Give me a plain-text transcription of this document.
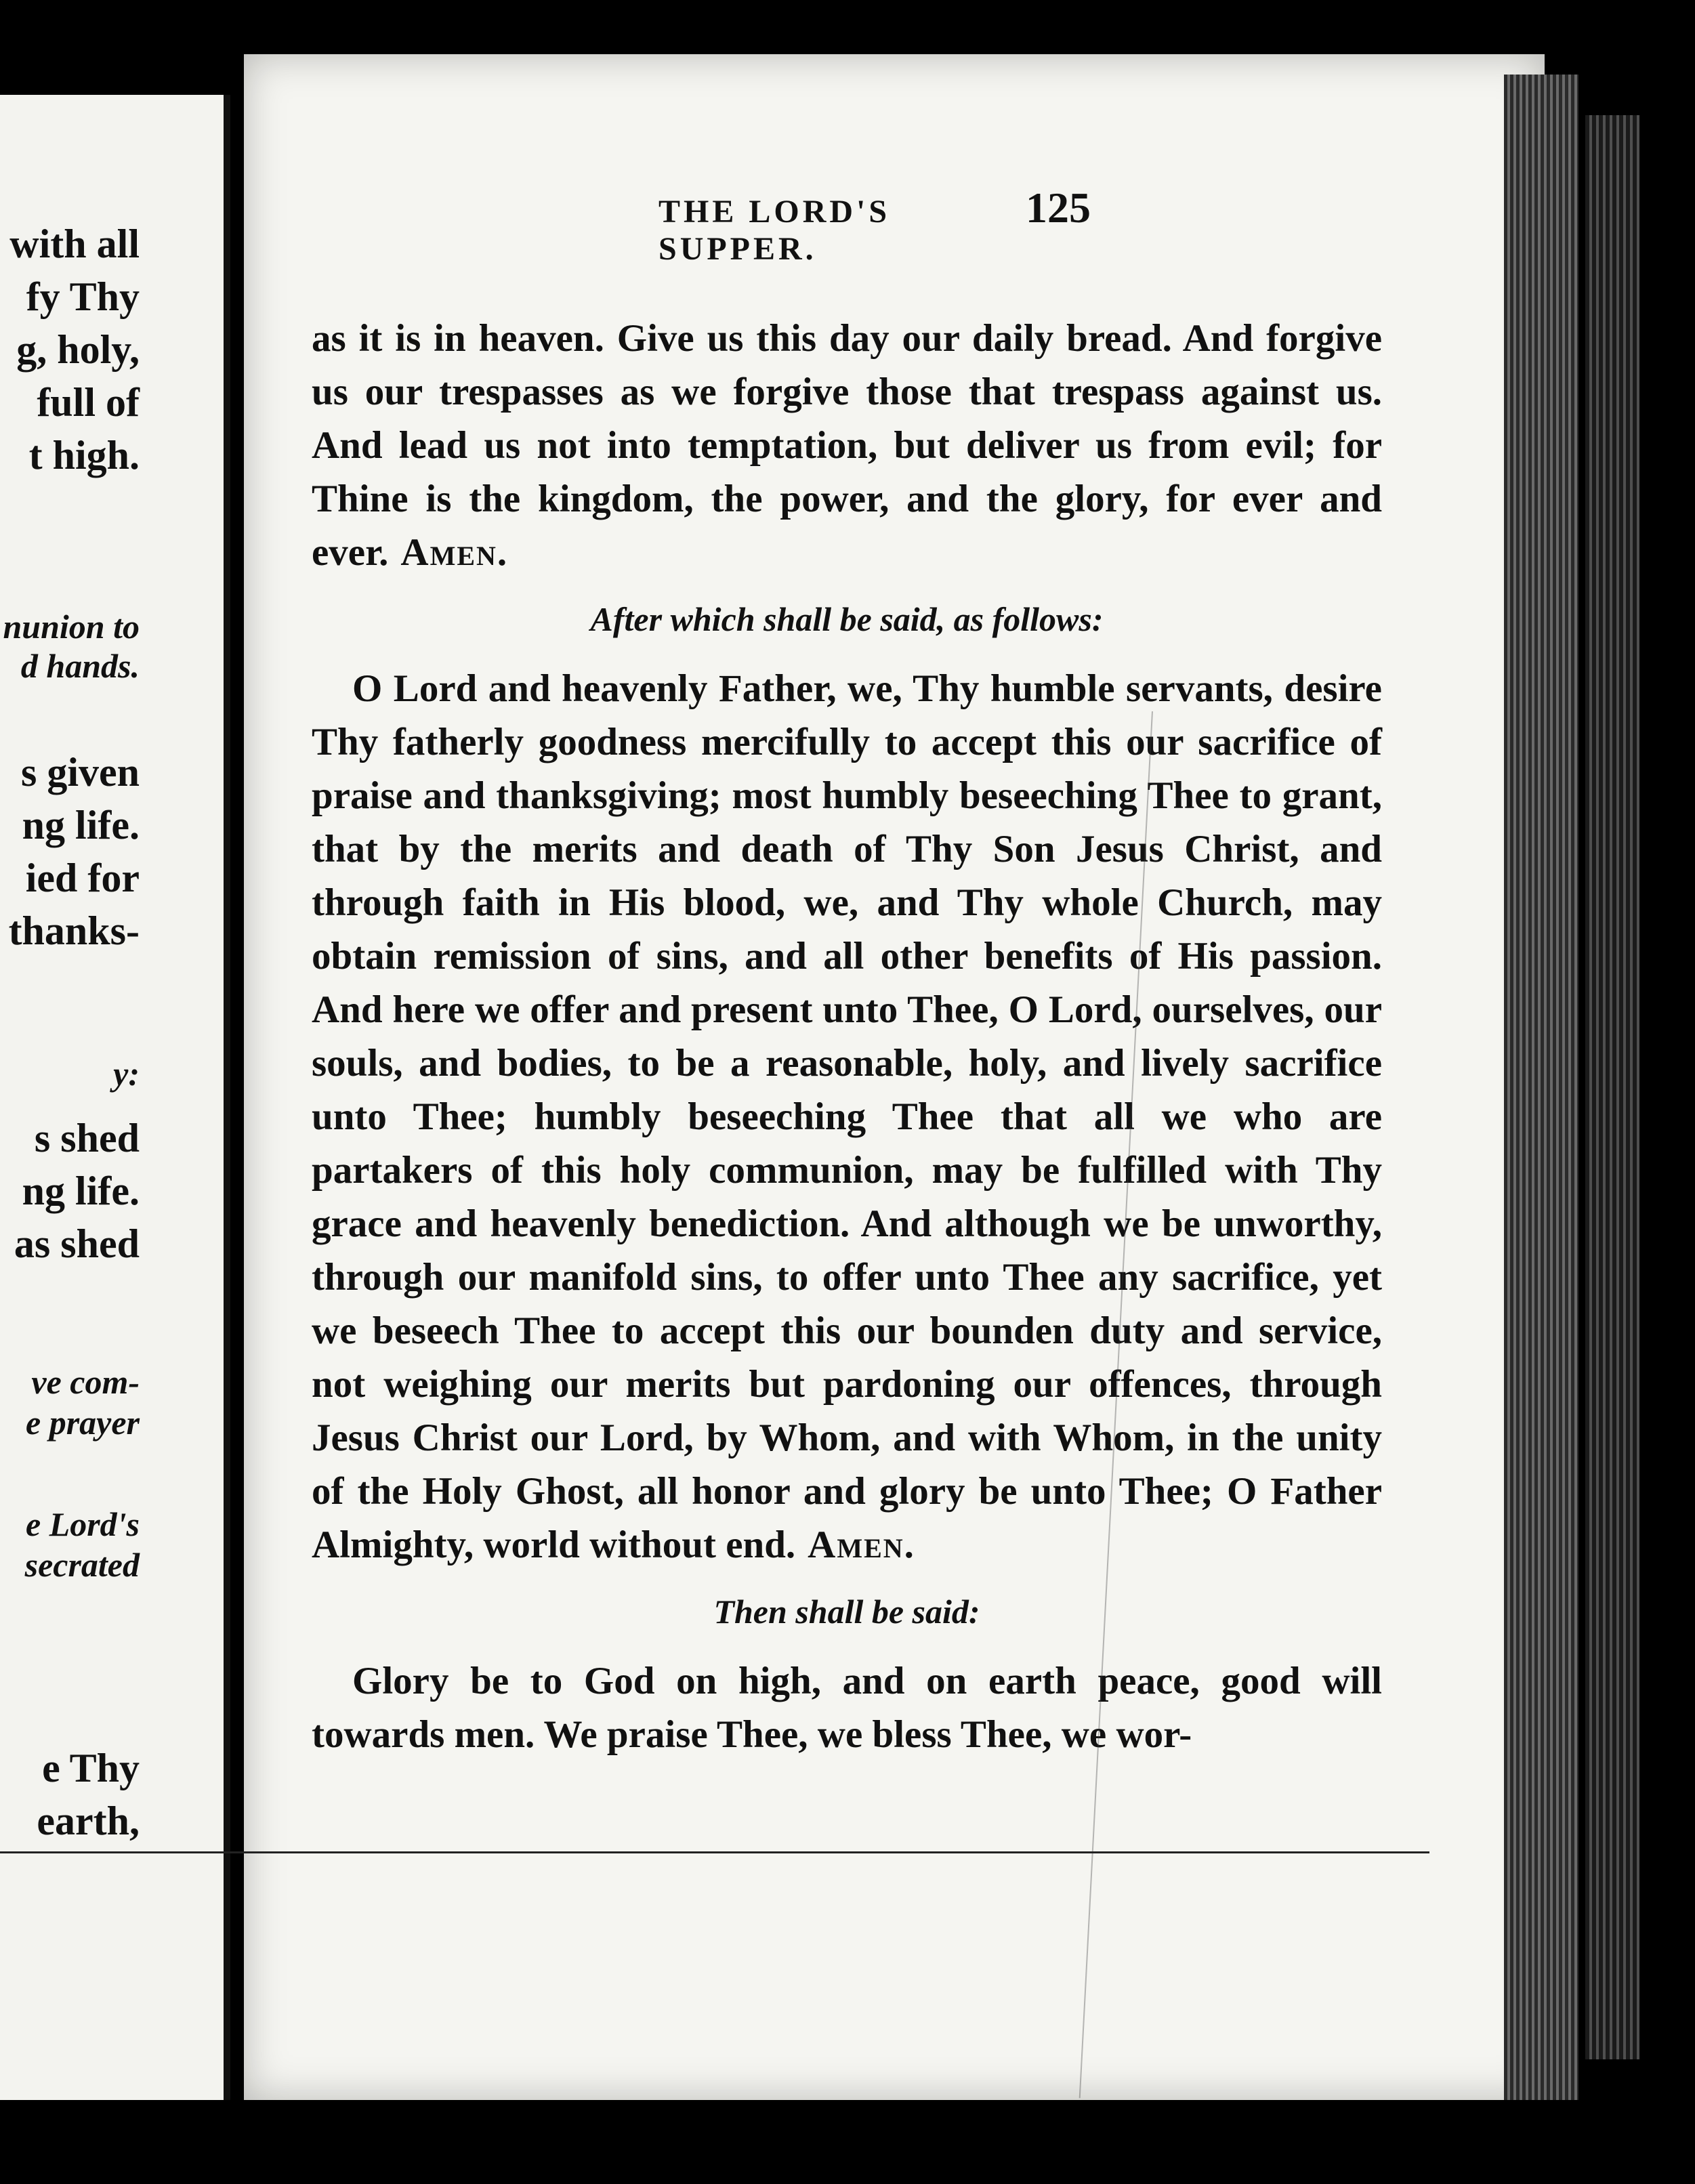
with all
fy Thy
g, holy,
full of
t high.
nunion to
d hands.
s given
ng life.
ied for
thanks-
y:
s shed
ng life.
as shed
ve com-
e prayer
e Lord's
secrated
e Thy
earth,
THE LORD'S SUPPER.
125

as it is in heaven. Give us this day our daily bread. And forgive us our trespasses as we forgive those that trespass against us. And lead us not into temptation, but deliver us from evil; for Thine is the kingdom, the power, and the glory, for ever and ever. Amen.

After which shall be said, as follows:

O Lord and heavenly Father, we, Thy humble servants, desire Thy fatherly goodness mercifully to accept this our sacrifice of praise and thanksgiving; most humbly beseeching Thee to grant, that by the merits and death of Thy Son Jesus Christ, and through faith in His blood, we, and Thy whole Church, may obtain remission of sins, and all other benefits of His passion. And here we offer and present unto Thee, O Lord, ourselves, our souls, and bodies, to be a reasonable, holy, and lively sacrifice unto Thee; humbly beseeching Thee that all we who are partakers of this holy communion, may be fulfilled with Thy grace and heavenly benediction. And although we be unworthy, through our manifold sins, to offer unto Thee any sacrifice, yet we beseech Thee to accept this our bounden duty and service, not weighing our merits but pardoning our offences, through Jesus Christ our Lord, by Whom, and with Whom, in the unity of the Holy Ghost, all honor and glory be unto Thee; O Father Almighty, world without end. Amen.

Then shall be said:

Glory be to God on high, and on earth peace, good will towards men. We praise Thee, we bless Thee, we wor-
